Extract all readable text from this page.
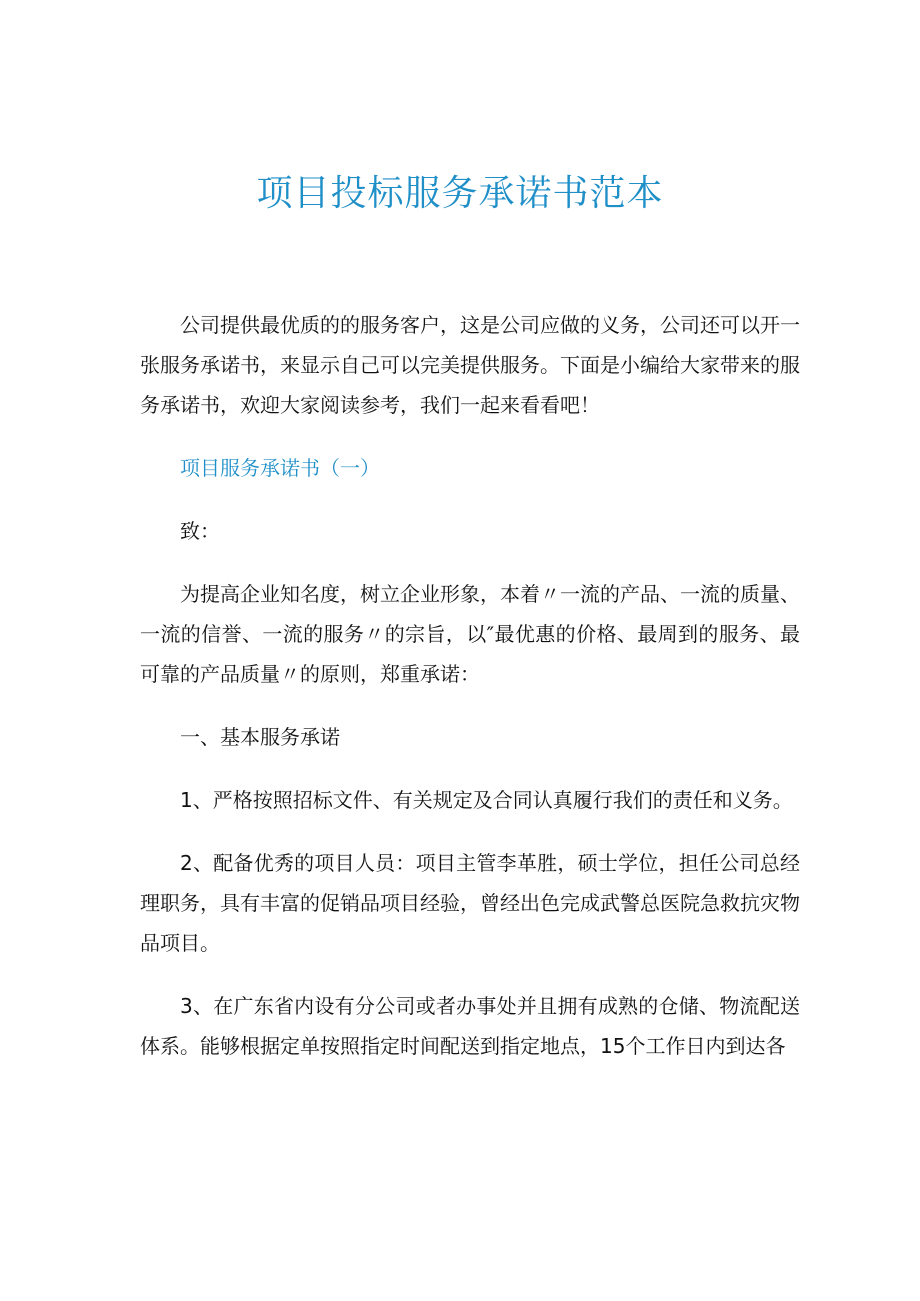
项目投标服务承诺书范本

公司提供最优质的的服务客户，这是公司应做的义务，公司还可以开一张服务承诺书，来显示自己可以完美提供服务。下面是小编给大家带来的服务承诺书，欢迎大家阅读参考，我们一起来看看吧！

项目服务承诺书（一）

致：

为提高企业知名度，树立企业形象，本着〃一流的产品、一流的质量、一流的信誉、一流的服务〃的宗旨，以″最优惠的价格、最周到的服务、最可靠的产品质量〃的原则，郑重承诺：

一、基本服务承诺

1、严格按照招标文件、有关规定及合同认真履行我们的责任和义务。

2、配备优秀的项目人员：项目主管李革胜，硕士学位，担任公司总经理职务，具有丰富的促销品项目经验，曾经出色完成武警总医院急救抗灾物品项目。

3、在广东省内设有分公司或者办事处并且拥有成熟的仓储、物流配送体系。能够根据定单按照指定时间配送到指定地点，15个工作日内到达各
